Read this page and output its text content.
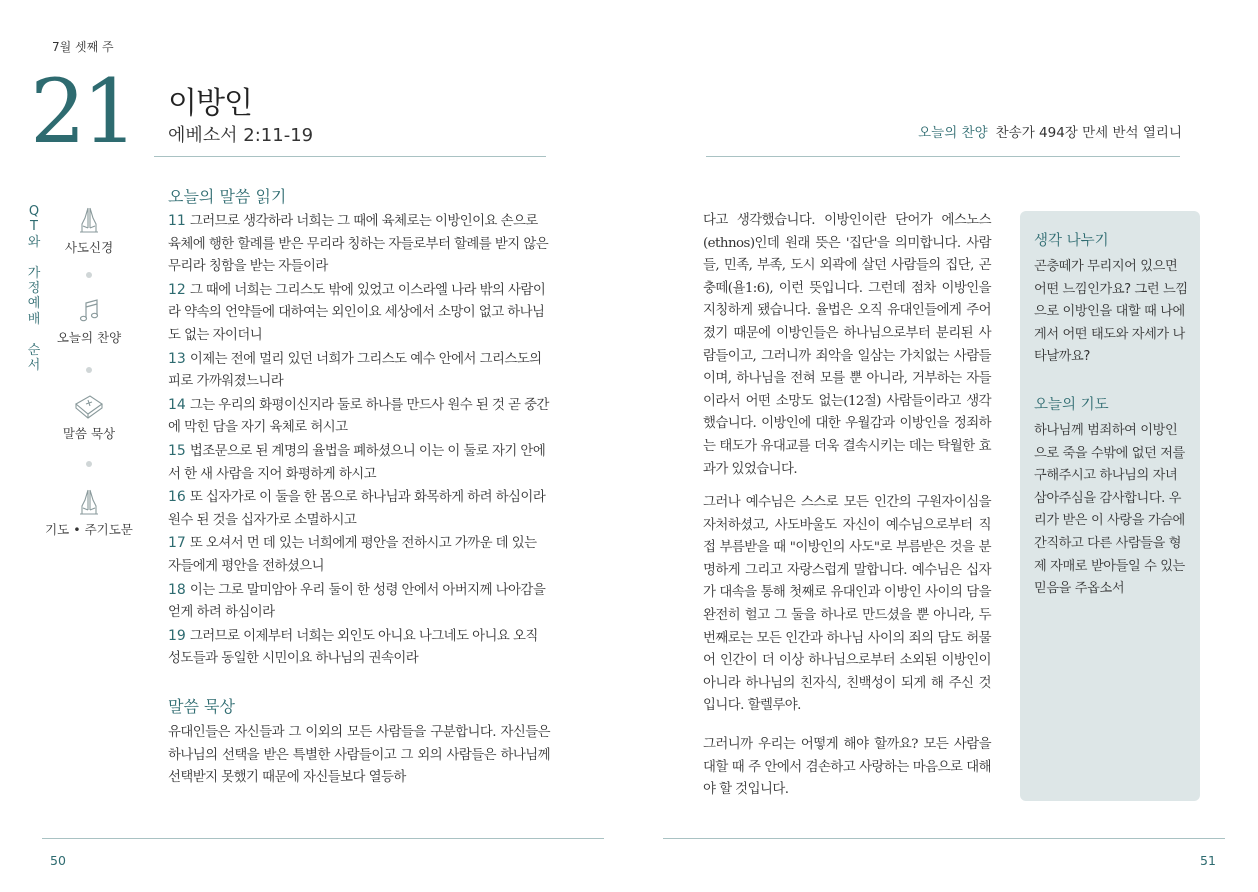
7월 셋째 주
21 이방인
에베소서 2:11-19
Q
T
와

가
정
예
배

순
서
사도신경
오늘의 찬양
말씀 묵상
기도 • 주기도문
오늘의 말씀 읽기
11 그러므로 생각하라 너희는 그 때에 육체로는 이방인이요 손으로 육체에 행한 할례를 받은 무리라 칭하는 자들로부터 할례를 받지 않은 무리라 칭함을 받는 자들이라
12 그 때에 너희는 그리스도 밖에 있었고 이스라엘 나라 밖의 사람이라 약속의 언약들에 대하여는 외인이요 세상에서 소망이 없고 하나님도 없는 자이더니
13 이제는 전에 멀리 있던 너희가 그리스도 예수 안에서 그리스도의 피로 가까워졌느니라
14 그는 우리의 화평이신지라 둘로 하나를 만드사 원수 된 것 곧 중간에 막힌 담을 자기 육체로 허시고
15 법조문으로 된 계명의 율법을 폐하셨으니 이는 이 둘로 자기 안에서 한 새 사람을 지어 화평하게 하시고
16 또 십자가로 이 둘을 한 몸으로 하나님과 화목하게 하려 하심이라 원수 된 것을 십자가로 소멸하시고
17 또 오셔서 먼 데 있는 너희에게 평안을 전하시고 가까운 데 있는 자들에게 평안을 전하셨으니
18 이는 그로 말미암아 우리 둘이 한 성령 안에서 아버지께 나아감을 얻게 하려 하심이라
19 그러므로 이제부터 너희는 외인도 아니요 나그네도 아니요 오직 성도들과 동일한 시민이요 하나님의 권속이라
말씀 묵상
유대인들은 자신들과 그 이외의 모든 사람들을 구분합니다. 자신들은 하나님의 선택을 받은 특별한 사람들이고 그 외의 사람들은 하나님께 선택받지 못했기 때문에 자신들보다 열등하
50
오늘의 찬양 찬송가 494장 만세 반석 열리니
다고 생각했습니다. 이방인이란 단어가 에스노스(ethnos)인데 원래 뜻은 '집단'을 의미합니다. 사람들, 민족, 부족, 도시 외곽에 살던 사람들의 집단, 곤충떼(욜1:6), 이런 뜻입니다. 그런데 점차 이방인을 지칭하게 됐습니다. 율법은 오직 유대인들에게 주어졌기 때문에 이방인들은 하나님으로부터 분리된 사람들이고, 그러니까 죄악을 일삼는 가치없는 사람들이며, 하나님을 전혀 모를 뿐 아니라, 거부하는 자들이라서 어떤 소망도 없는(12절) 사람들이라고 생각했습니다. 이방인에 대한 우월감과 이방인을 정죄하는 태도가 유대교를 더욱 결속시키는 데는 탁월한 효과가 있었습니다.
그러나 예수님은 스스로 모든 인간의 구원자이심을 자처하셨고, 사도바울도 자신이 예수님으로부터 직접 부름받을 때 "이방인의 사도"로 부름받은 것을 분명하게 그리고 자랑스럽게 말합니다. 예수님은 십자가 대속을 통해 첫째로 유대인과 이방인 사이의 담을 완전히 헐고 그 둘을 하나로 만드셨을 뿐 아니라, 두번째로는 모든 인간과 하나님 사이의 죄의 담도 허물어 인간이 더 이상 하나님으로부터 소외된 이방인이 아니라 하나님의 친자식, 친백성이 되게 해 주신 것입니다. 할렐루야.
그러니까 우리는 어떻게 해야 할까요? 모든 사람을 대할 때 주 안에서 겸손하고 사랑하는 마음으로 대해야 할 것입니다.
생각 나누기
곤충떼가 무리지어 있으면 어떤 느낌인가요? 그런 느낌으로 이방인을 대할 때 나에게서 어떤 태도와 자세가 나타날까요?
오늘의 기도
하나님께 범죄하여 이방인으로 죽을 수밖에 없던 저를 구해주시고 하나님의 자녀 삼아주심을 감사합니다. 우리가 받은 이 사랑을 가슴에 간직하고 다른 사람들을 형제 자매로 받아들일 수 있는 믿음을 주옵소서
51
